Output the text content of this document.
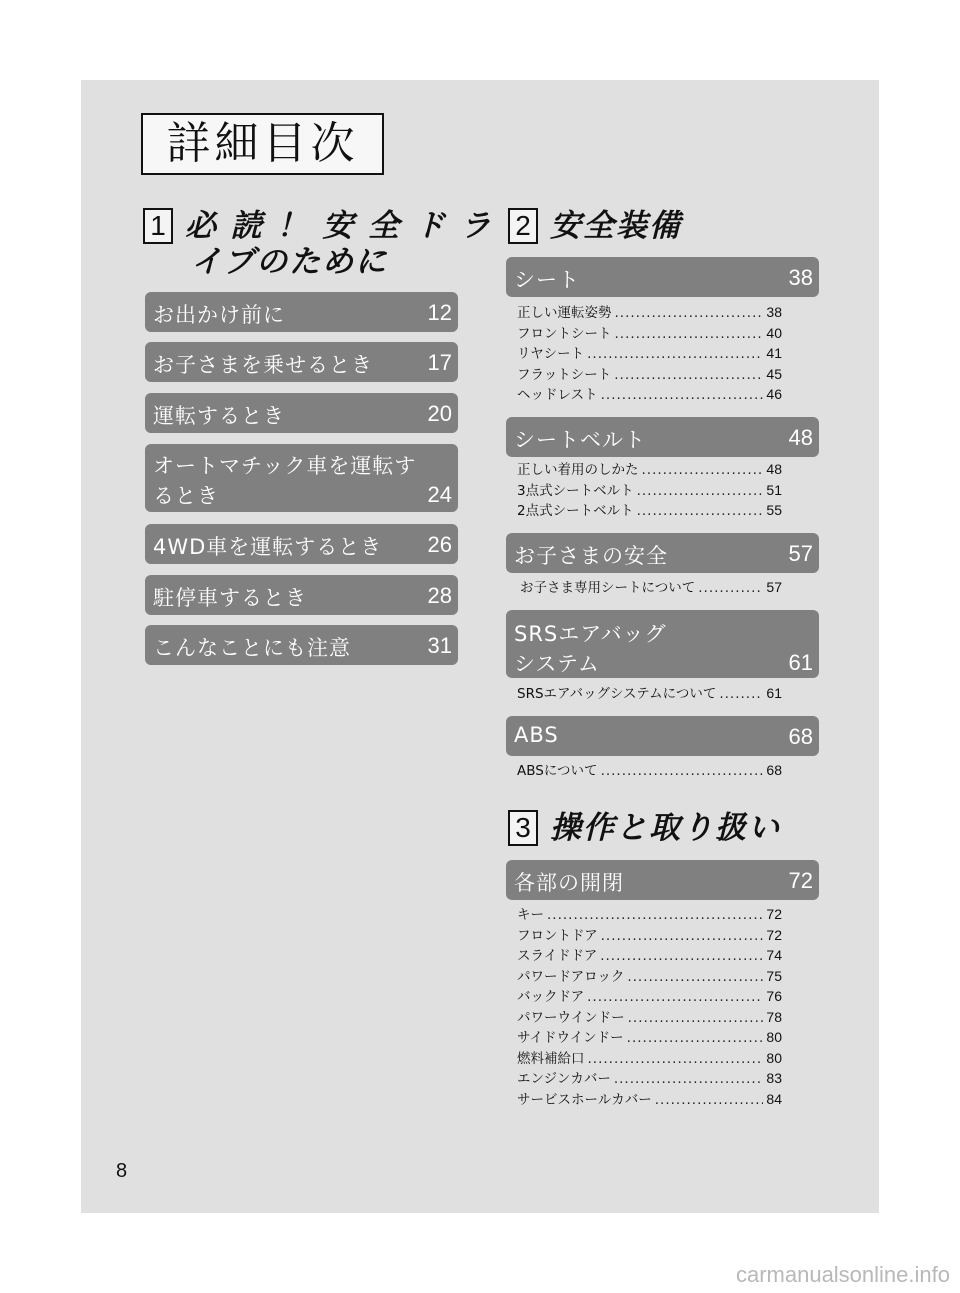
詳細目次
1 必 読 ！ 安 全 ド ラ
イブのために
お出かけ前に	12
お子さまを乗せるとき 17
運転するとき	20
オートマチック車を運転す
るとき	24
4WD車を運転するとき 26
駐停車するとき	28
こんなことにも注意	31
2 安全装備
シート	38
正しい運転姿勢 .....	38
フロントシート .....	40
リヤシート .....	41
フラットシート .....	45
ヘッドレスト .....	46
シートベルト	48
正しい着用のしかた .....	48
3点式シートベルト .....	51
2点式シートベルト .....	55
お子さまの安全	57
お子さま専用シートについて .....	57
SRSエアバッグ
システム	61
SRSエアバッグシステムについて .....	61
ABS	68
ABSについて .....	68
3 操作と取り扱い
各部の開閉	72
キー .....	72
フロントドア .....	72
スライドドア .....	74
パワードアロック .....	75
バックドア .....	76
パワーウインドー .....	78
サイドウインドー .....	80
燃料補給口 .....	80
エンジンカバー .....	83
サービスホールカバー .....	84
8
carmanualsonline.info
